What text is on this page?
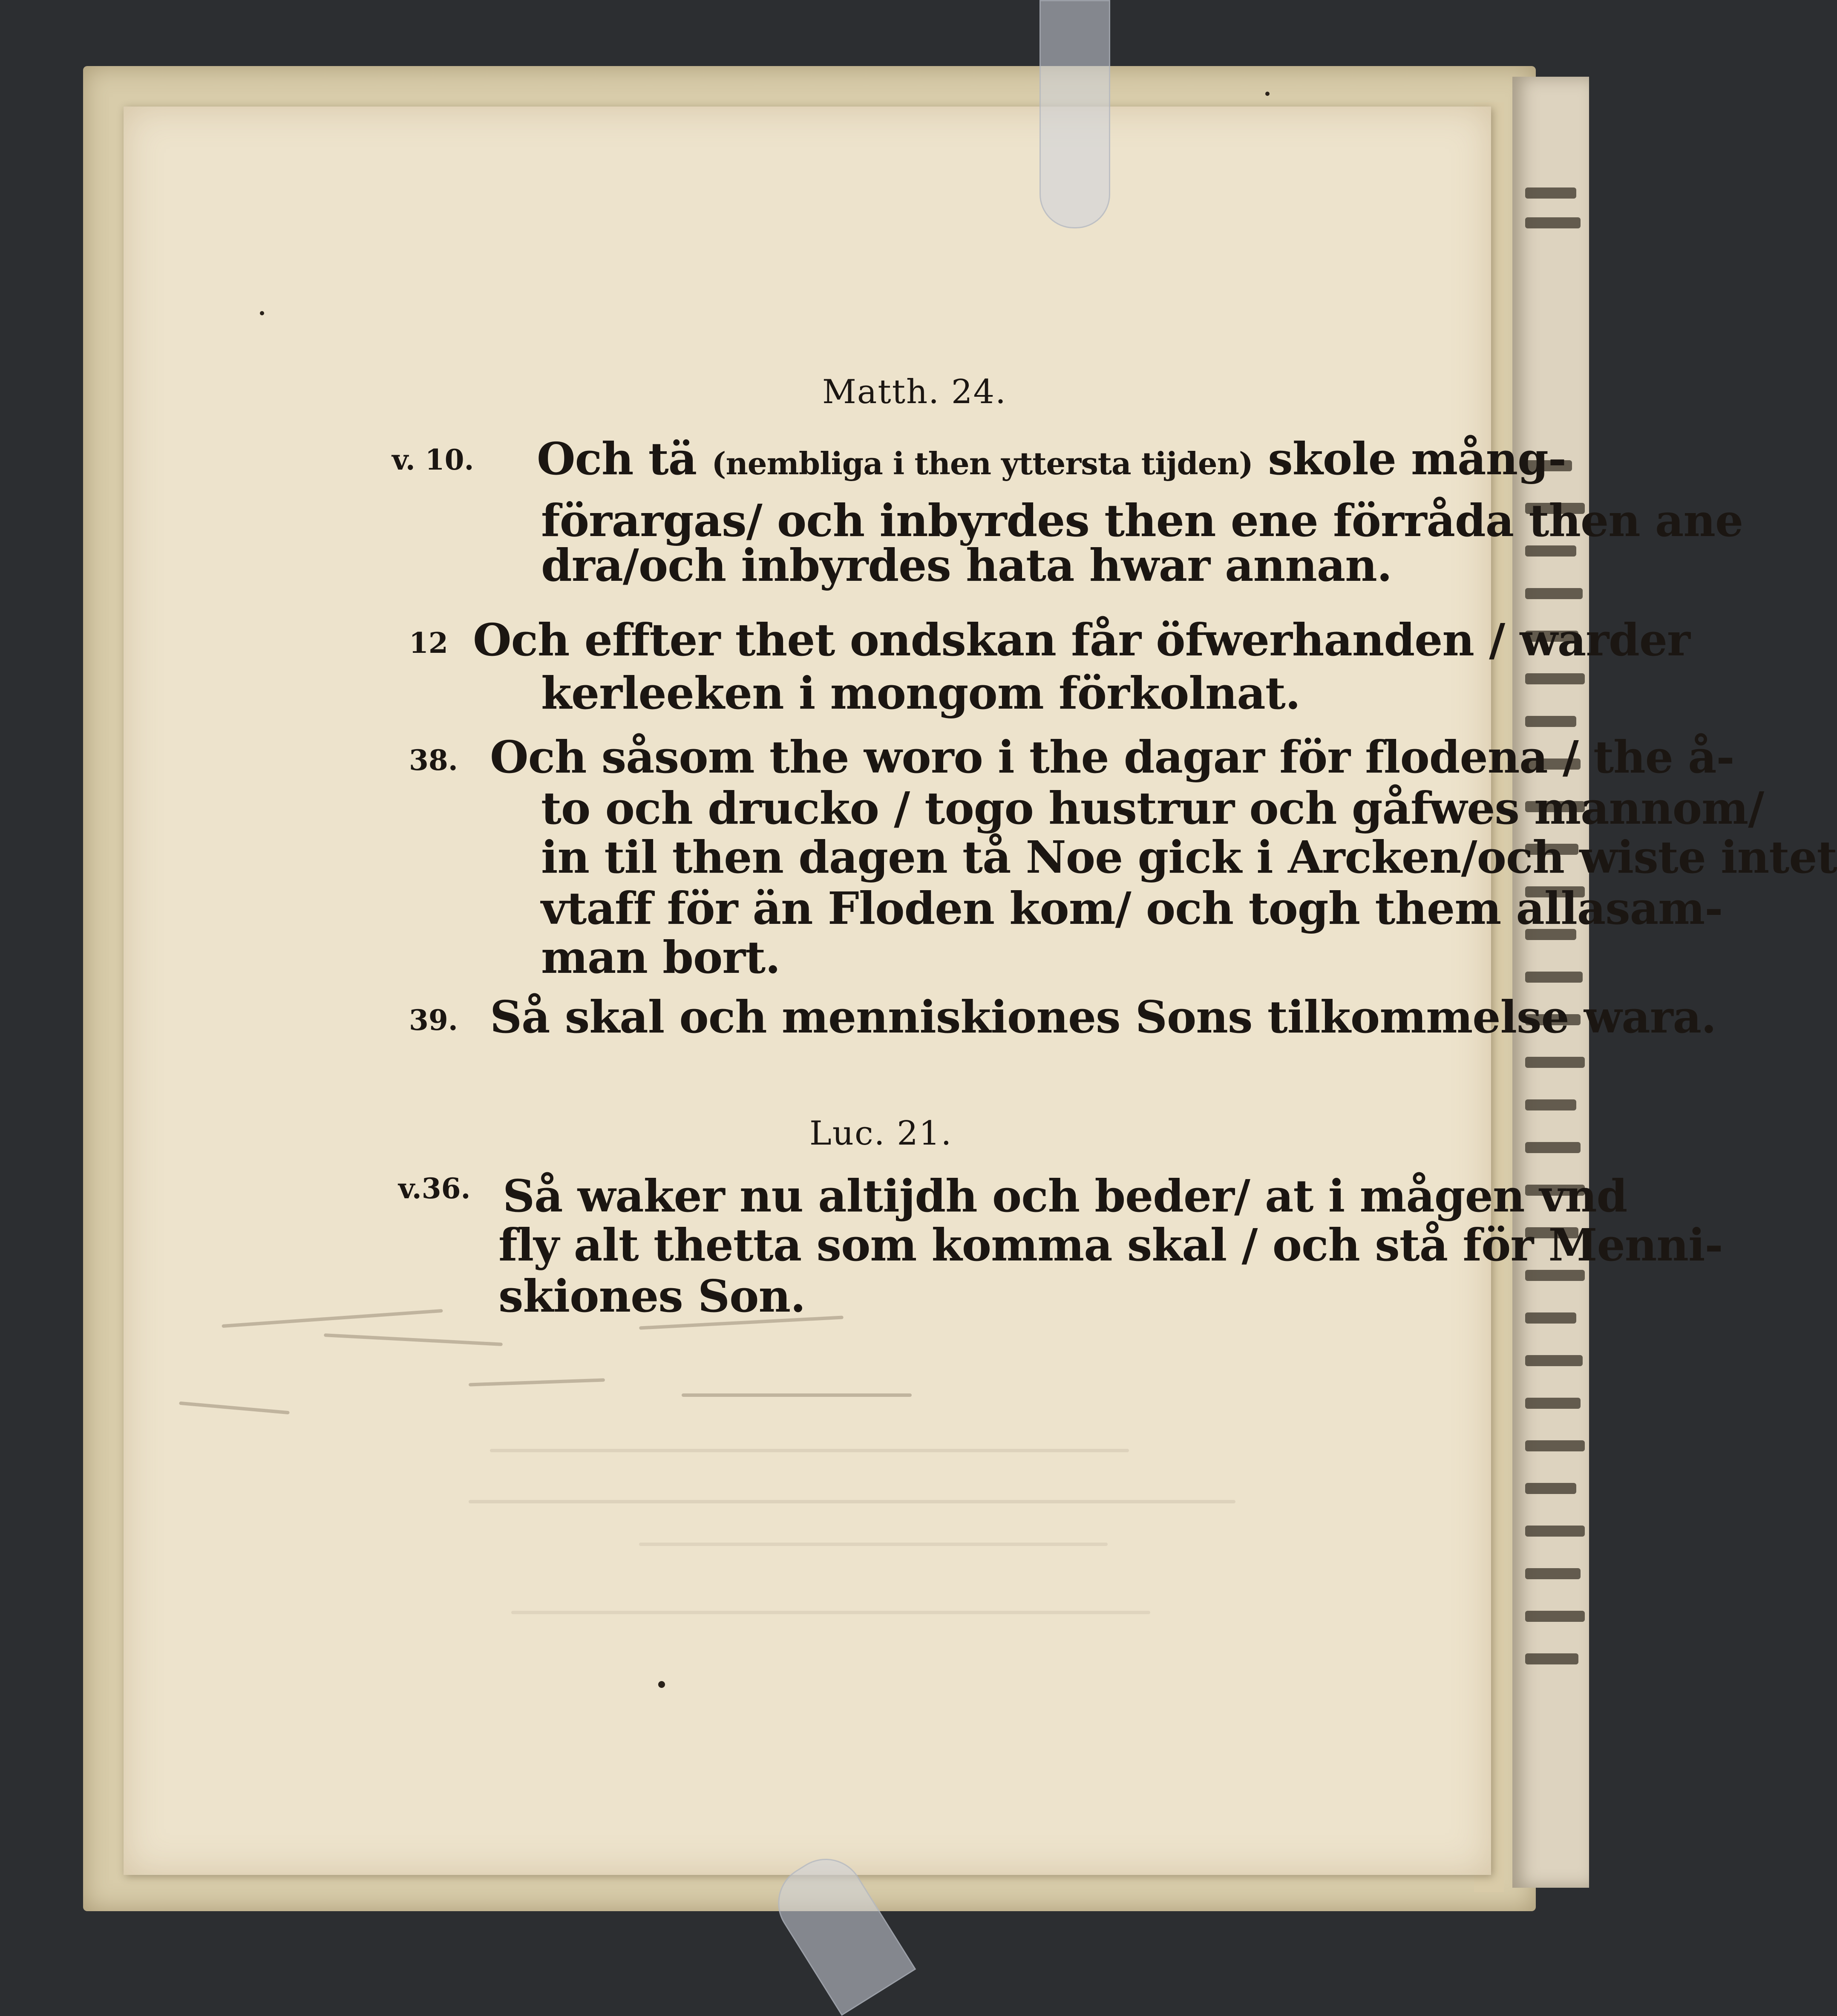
Matth. 24.
v. 10. Och tä (nembliga i then yttersta tijden) skole mång-
förargas/ och inbyrdes then ene förråda then ane
dra/och inbyrdes hata hwar annan.
12 Och effter thet ondskan får öfwerhanden / warder
kerleeken i mongom förkolnat.
38. Och såsom the woro i the dagar för flodena / the å-
to och drucko / togo hustrur och gåfwes mannom/
in til then dagen tå Noe gick i Arcken/och wiste intet
vtaff för än Floden kom/ och togh them allasam-
man bort.
39. Så skal och menniskiones Sons tilkommelse wara.
Luc. 21.
v.36. Så waker nu altijdh och beder/ at i mågen vnd
fly alt thetta som komma skal / och stå för Menni-
skiones Son.
